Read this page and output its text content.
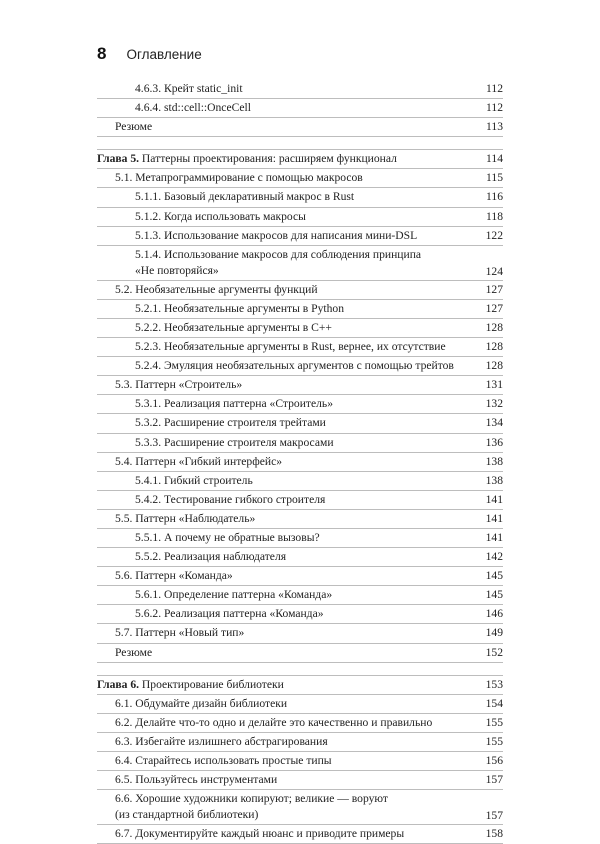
8 Оглавление
4.6.3. Крейт static_init	112
4.6.4. std::cell::OnceCell	112
Резюме	113
Глава 5. Паттерны проектирования: расширяем функционал	114
5.1. Метапрограммирование с помощью макросов	115
5.1.1. Базовый декларативный макрос в Rust	116
5.1.2. Когда использовать макросы	118
5.1.3. Использование макросов для написания мини-DSL	122
5.1.4. Использование макросов для соблюдения принципа
«Не повторяйся»	124
5.2. Необязательные аргументы функций	127
5.2.1. Необязательные аргументы в Python	127
5.2.2. Необязательные аргументы в C++	128
5.2.3. Необязательные аргументы в Rust, вернее, их отсутствие	128
5.2.4. Эмуляция необязательных аргументов с помощью трейтов	128
5.3. Паттерн «Строитель»	131
5.3.1. Реализация паттерна «Строитель»	132
5.3.2. Расширение строителя трейтами	134
5.3.3. Расширение строителя макросами	136
5.4. Паттерн «Гибкий интерфейс»	138
5.4.1. Гибкий строитель	138
5.4.2. Тестирование гибкого строителя	141
5.5. Паттерн «Наблюдатель»	141
5.5.1. А почему не обратные вызовы?	141
5.5.2. Реализация наблюдателя	142
5.6. Паттерн «Команда»	145
5.6.1. Определение паттерна «Команда»	145
5.6.2. Реализация паттерна «Команда»	146
5.7. Паттерн «Новый тип»	149
Резюме	152
Глава 6. Проектирование библиотеки	153
6.1. Обдумайте дизайн библиотеки	154
6.2. Делайте что-то одно и делайте это качественно и правильно	155
6.3. Избегайте излишнего абстрагирования	155
6.4. Старайтесь использовать простые типы	156
6.5. Пользуйтесь инструментами	157
6.6. Хорошие художники копируют; великие — воруют
(из стандартной библиотеки)	157
6.7. Документируйте каждый нюанс и приводите примеры	158
